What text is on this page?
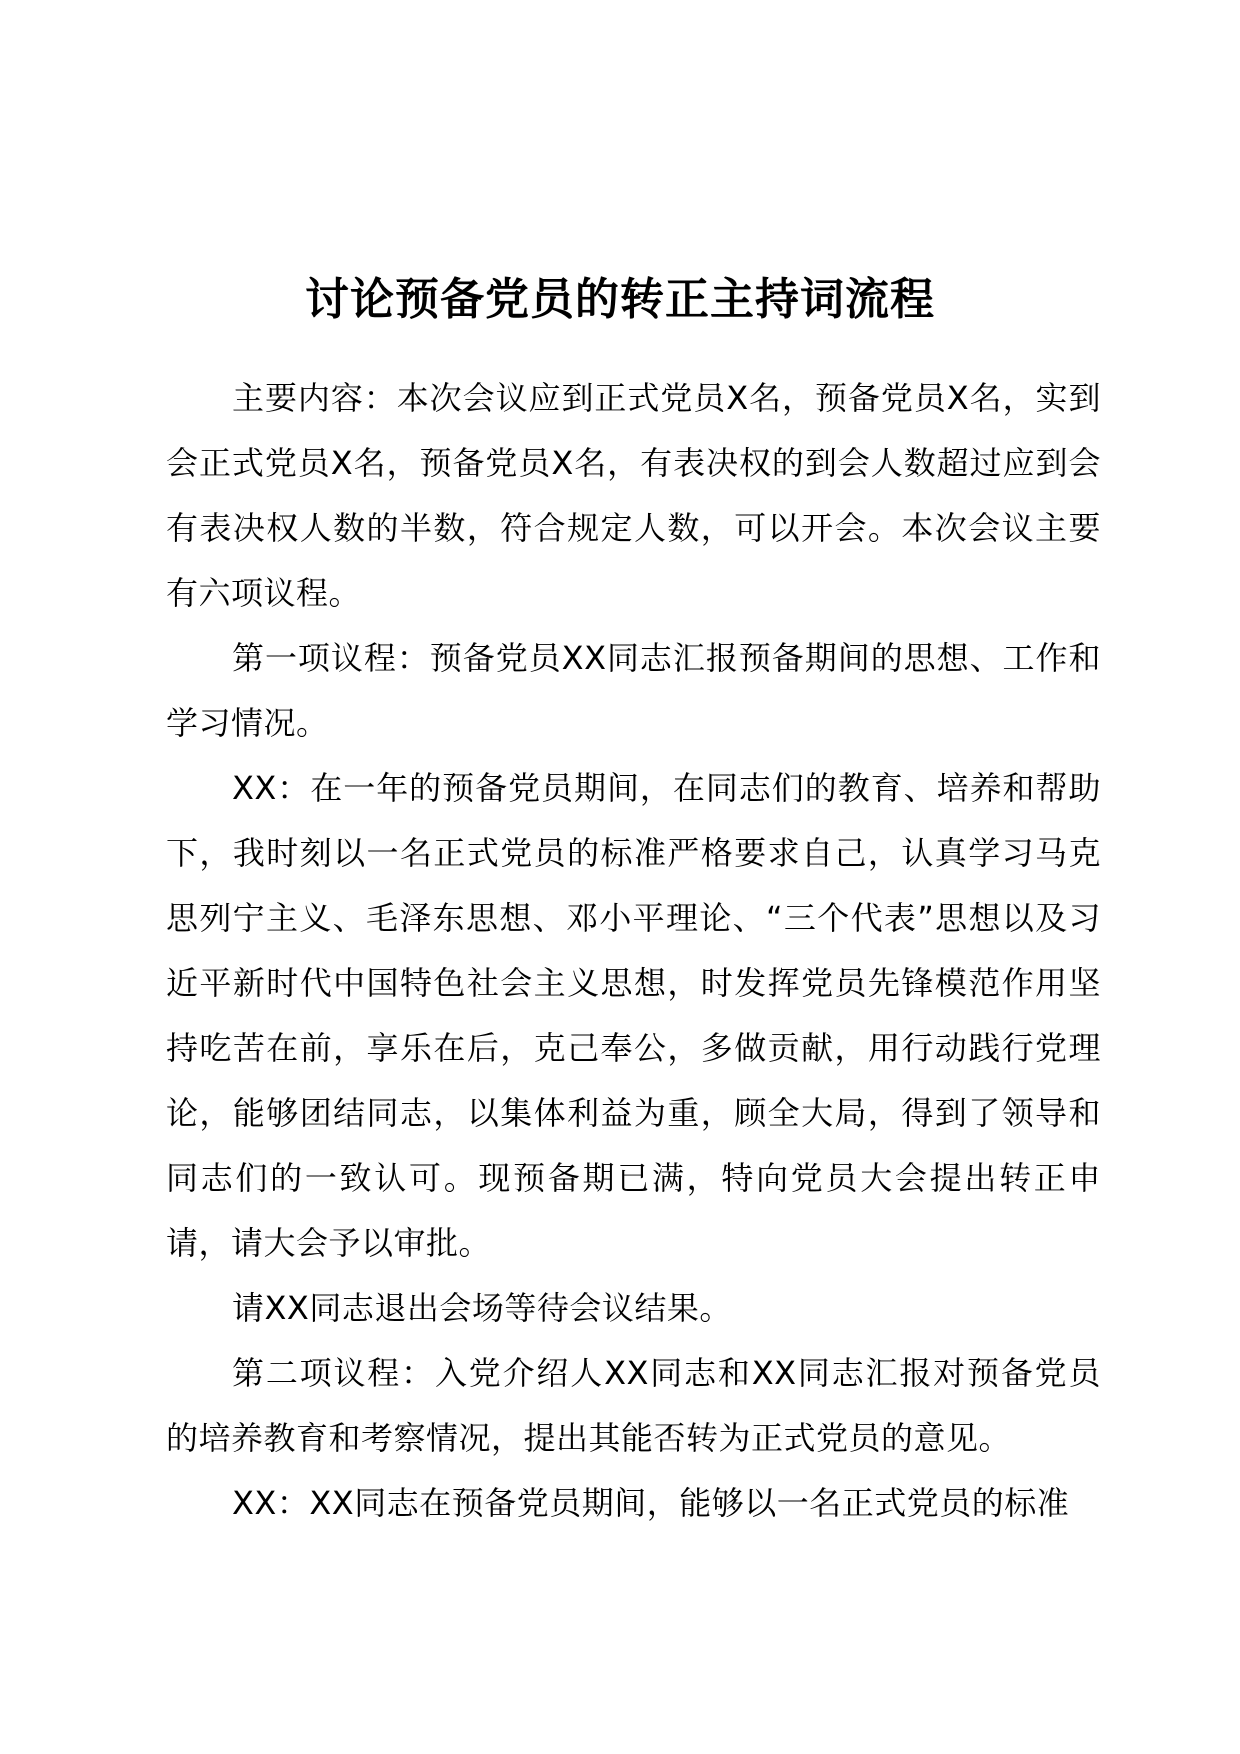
讨论预备党员的转正主持词流程

主要内容：本次会议应到正式党员X名，预备党员X名，实到会正式党员X名，预备党员X名，有表决权的到会人数超过应到会有表决权人数的半数，符合规定人数，可以开会。本次会议主要有六项议程。

第一项议程：预备党员XX同志汇报预备期间的思想、工作和学习情况。

XX：在一年的预备党员期间，在同志们的教育、培养和帮助下，我时刻以一名正式党员的标准严格要求自己，认真学习马克思列宁主义、毛泽东思想、邓小平理论、“三个代表”思想以及习近平新时代中国特色社会主义思想，时发挥党员先锋模范作用坚持吃苦在前，享乐在后，克己奉公，多做贡献，用行动践行党理论，能够团结同志，以集体利益为重，顾全大局，得到了领导和同志们的一致认可。现预备期已满，特向党员大会提出转正申请，请大会予以审批。

请XX同志退出会场等待会议结果。

第二项议程：入党介绍人XX同志和XX同志汇报对预备党员的培养教育和考察情况，提出其能否转为正式党员的意见。

XX：XX同志在预备党员期间，能够以一名正式党员的标准
